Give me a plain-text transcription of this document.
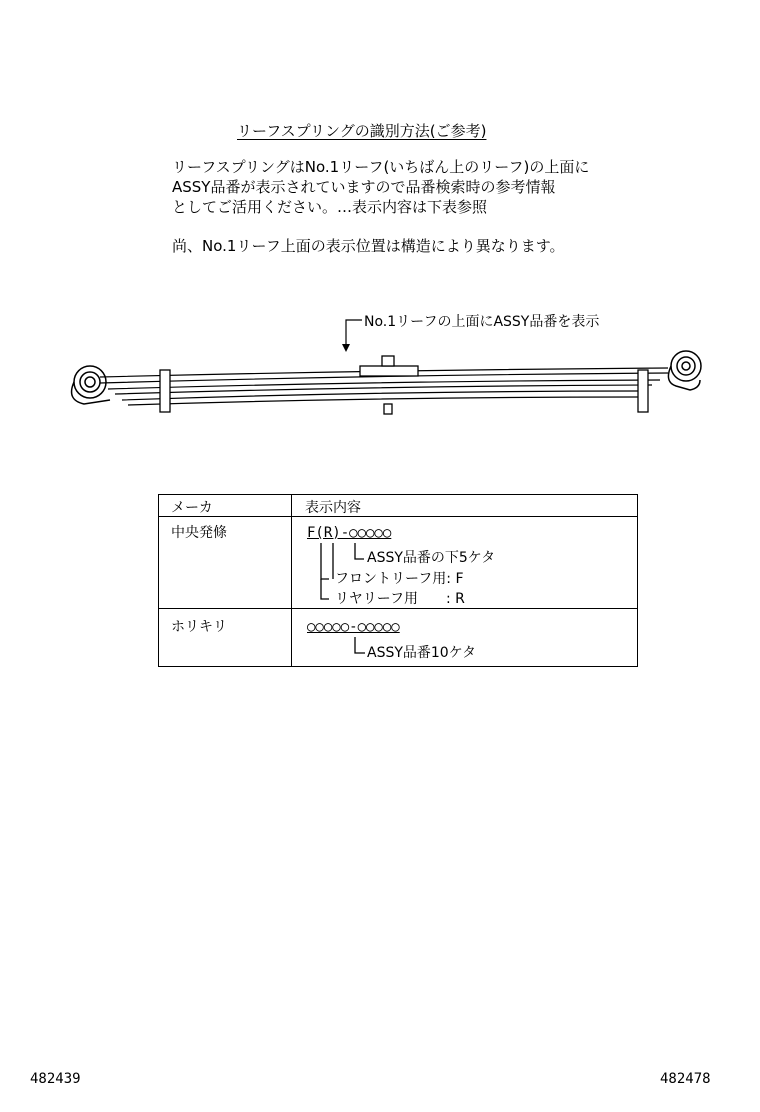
リーフスプリングの識別方法(ご参考)
リーフスプリングはNo.1リーフ(いちばん上のリーフ)の上面に
ASSY品番が表示されていますので品番検索時の参考情報
としてご活用ください。…表示内容は下表参照
尚、No.1リーフ上面の表示位置は構造により異なります。
No.1リーフの上面にASSY品番を表示
メーカ	表示内容
中央発條	F(R)-○○○○○
ASSY品番の下5ケタ
フロントリーフ用: F
リヤリーフ用　　: R
ホリキリ	○○○○○-○○○○○
ASSY品番10ケタ
482439	482478
